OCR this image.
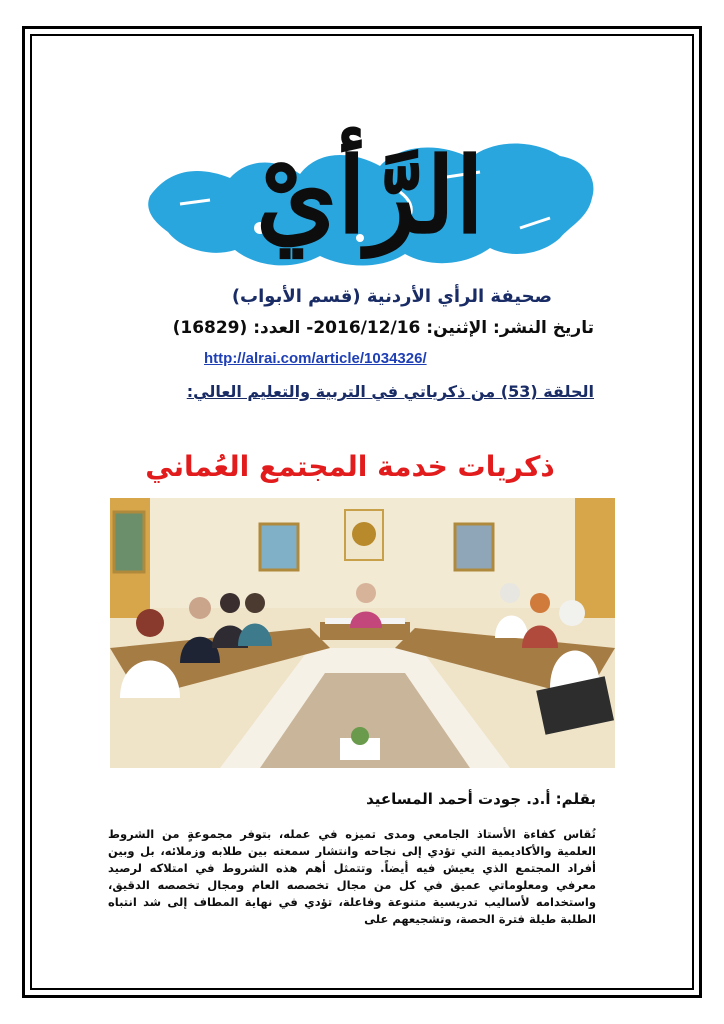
الرَّأيْ
صحيفة الرأي الأردنية (قسم الأبواب)
تاريخ النشر: الإثنين: 2016/12/16- العدد: (16829)
http://alrai.com/article/1034326/
الحلقة (53) من ذكرياتي في التربية والتعليم العالي:
ذكريات خدمة المجتمع العُماني
بقلم: أ.د. جودت أحمد المساعيد

تُقاس كفاءة الأستاذ الجامعي ومدى تميزه في عمله، بتوفر مجموعةٍ من الشروط العلمية والأكاديمية التي تؤدي إلى نجاحه وانتشار سمعته بين طلابه وزملائه، بل وبين أفراد المجتمع الذي يعيش فيه أيضاً. وتتمثل أهم هذه الشروط في امتلاكه لرصيد معرفي ومعلوماتي عميق في كل من مجال تخصصه العام ومجال تخصصه الدقيق، واستخدامه لأساليب تدريسية متنوعة وفاعلة، تؤدي في نهاية المطاف إلى شد انتباه الطلبة طيلة فترة الحصة، وتشجيعهم على
